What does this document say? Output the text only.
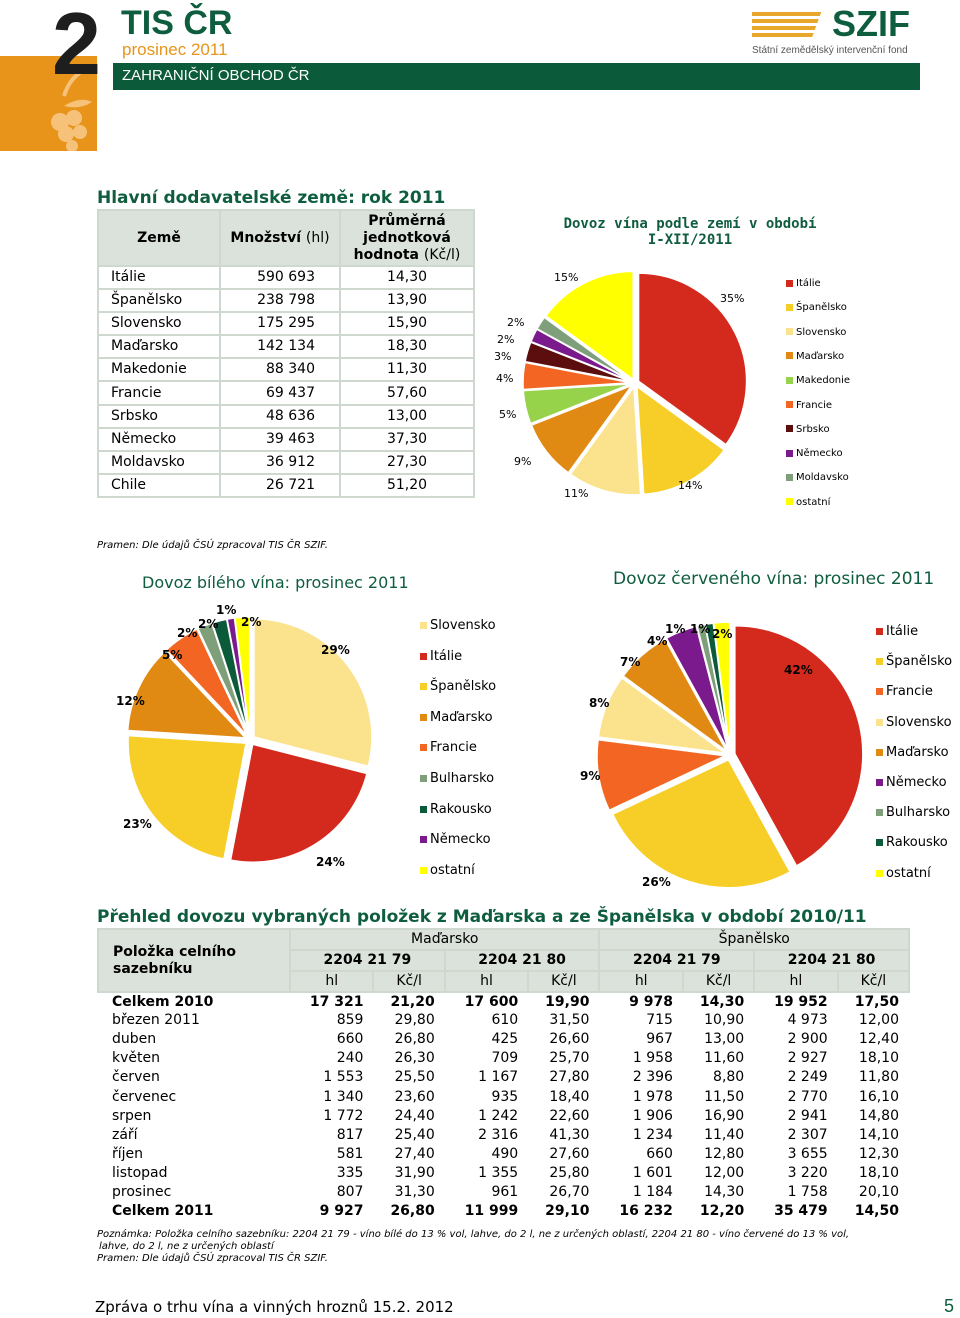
2 TIS ČR
prosinec 2011
ZAHRANIČNÍ OBCHOD ČR
SZIF
Státní zemědělský intervenční fond
Hlavní dodavatelské země: rok 2011
Země	Množství (hl)	Průměrná jednotková hodnota (Kč/l)
Itálie	590 693	14,30
Španělsko	238 798	13,90
Slovensko	175 295	15,90
Maďarsko	142 134	18,30
Makedonie	88 340	11,30
Francie	69 437	57,60
Srbsko	48 636	13,00
Německo	39 463	37,30
Moldavsko	36 912	27,30
Chile	26 721	51,20
Dovoz vína podle zemí v období I-XII/2011
35%
14%
11%
9%
5%
4%
3%
2%
2%
15%	Itálie
Španělsko
Slovensko
Maďarsko
Makedonie
Francie
Srbsko
Německo
Moldavsko
ostatní
Pramen: Dle údajů ČSÚ zpracoval TIS ČR SZIF.
Dovoz bílého vína: prosinec 2011
29%
24%
23%
12%
5%
2%
2%
1%
2%	Slovensko
Itálie
Španělsko
Maďarsko
Francie
Bulharsko
Rakousko
Německo
ostatní
Dovoz červeného vína: prosinec 2011
42%
26%
9%
8%
7%
4%
1% 1% 2%	Itálie
Španělsko
Francie
Slovensko
Maďarsko
Německo
Bulharsko
Rakousko
ostatní
Přehled dovozu vybraných položek z Maďarska a ze Španělska v období 2010/11
Položka celního sazebníku	Maďarsko				Španělsko			
	2204 21 79		2204 21 80		2204 21 79		2204 21 80	
	hl	Kč/l	hl	Kč/l	hl	Kč/l	hl	Kč/l
Celkem 2010	17 321	21,20	17 600	19,90	9 978	14,30	19 952	17,50
březen 2011	859	29,80	610	31,50	715	10,90	4 973	12,00
duben	660	26,80	425	26,60	967	13,00	2 900	12,40
květen	240	26,30	709	25,70	1 958	11,60	2 927	18,10
červen	1 553	25,50	1 167	27,80	2 396	8,80	2 249	11,80
červenec	1 340	23,60	935	18,40	1 978	11,50	2 770	16,10
srpen	1 772	24,40	1 242	22,60	1 906	16,90	2 941	14,80
září	817	25,40	2 316	41,30	1 234	11,40	2 307	14,10
říjen	581	27,40	490	27,60	660	12,80	3 655	12,30
listopad	335	31,90	1 355	25,80	1 601	12,00	3 220	18,10
prosinec	807	31,30	961	26,70	1 184	14,30	1 758	20,10
Celkem 2011	9 927	26,80	11 999	29,10	16 232	12,20	35 479	14,50
Poznámka: Položka celního sazebníku: 2204 21 79 - víno bílé do 13 % vol, lahve, do 2 l, ne z určených oblastí, 2204 21 80 - víno červené do 13 % vol,
lahve, do 2 l, ne z určených oblastí
Pramen: Dle údajů ČSÚ zpracoval TIS ČR SZIF.
Zpráva o trhu vína a vinných hroznů 15.2. 2012	5
